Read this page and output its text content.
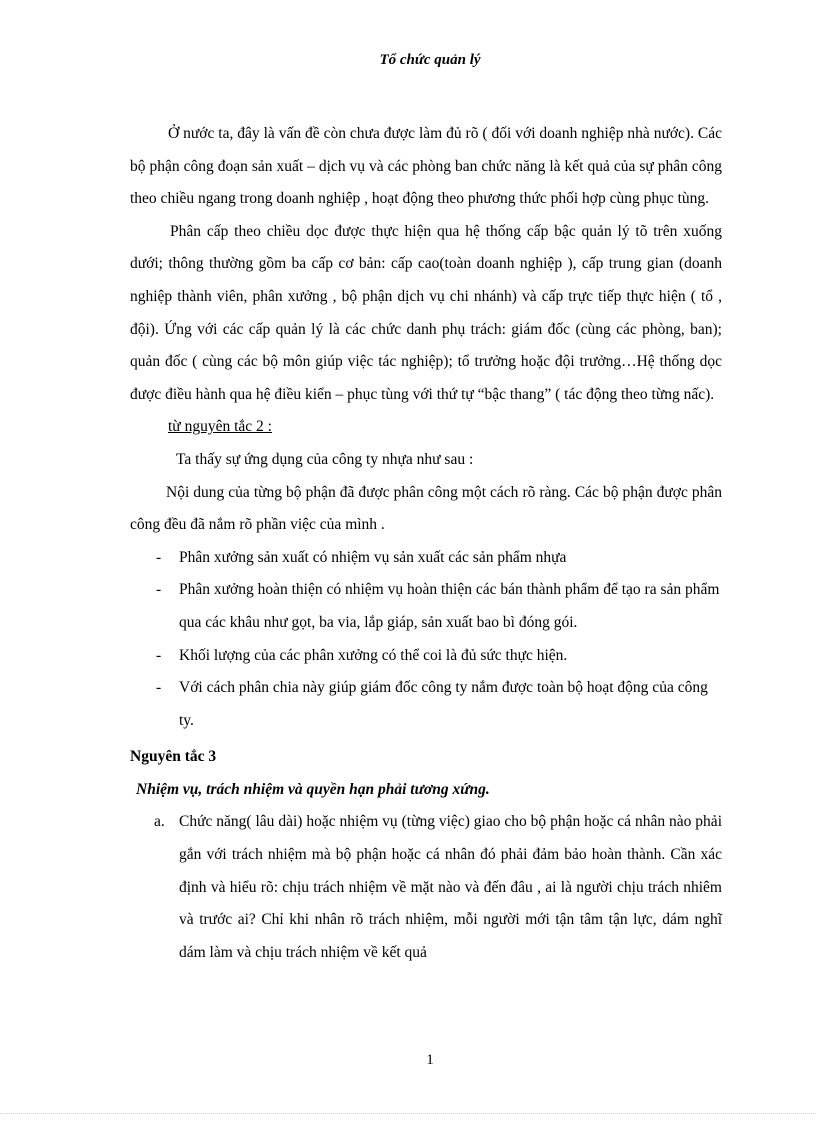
Tổ chức quản lý

Ở nước ta, đây là vấn đề còn chưa được làm đủ rõ ( đối với doanh nghiệp nhà nước). Các bộ phận công đoạn sản xuất – dịch vụ và các phòng ban chức năng là kết quả của sự phân công theo chiều ngang trong doanh nghiệp , hoạt động theo phương thức phối hợp cùng phục tùng.

Phân cấp theo chiều dọc được thực hiện qua hệ thống cấp bậc quản lý tõ trên xuống dưới; thông thường gồm ba cấp cơ bản: cấp cao(toàn doanh nghiệp ), cấp trung gian (doanh nghiệp thành viên, phân xưởng , bộ phận dịch vụ chi nhánh) và cấp trực tiếp thực hiện ( tổ , đội). Ứng với các cấp quản lý là các chức danh phụ trách: giám đốc (cùng các phòng, ban); quản đốc ( cùng các bộ môn giúp việc tác nghiệp); tổ trưởng hoặc đội trưởng…Hệ thống dọc được điều hành qua hệ điều kiển – phục tùng với thứ tự “bậc thang” ( tác động theo từng nấc).

từ nguyên tắc 2 :

Ta thấy sự ứng dụng của công ty nhựa như sau :

Nội dung của từng bộ phận đã được phân công một cách rõ ràng. Các bộ phận được phân công đều đã nắm rõ phần việc của mình .

- Phân xưởng sản xuất có nhiệm vụ sản xuất các sản phẩm nhựa
- Phân xưởng hoàn thiện có nhiệm vụ hoàn thiện các bán thành phẩm để tạo ra sản phẩm qua các khâu như gọt, ba via, lắp giáp, sản xuất bao bì đóng gói.
- Khối lượng của các phân xưởng có thể coi là đủ sức thực hiện.
- Với cách phân chia này giúp giám đốc công ty nắm được toàn bộ hoạt động của công ty.

Nguyên tắc 3

Nhiệm vụ, trách nhiệm và quyền hạn phải tương xứng.

a. Chức năng( lâu dài) hoặc nhiệm vụ (từng việc) giao cho bộ phận hoặc cá nhân nào phải gắn với trách nhiệm mà bộ phận hoặc cá nhân đó phải đảm bảo hoàn thành. Cần xác định và hiểu rõ: chịu trách nhiệm về mặt nào và đến đâu , ai là người chịu trách nhiêm và trước ai? Chỉ khi nhân rõ trách nhiệm, mỗi người mới tận tâm tận lực, dám nghĩ dám làm và chịu trách nhiệm về kết quả
1
